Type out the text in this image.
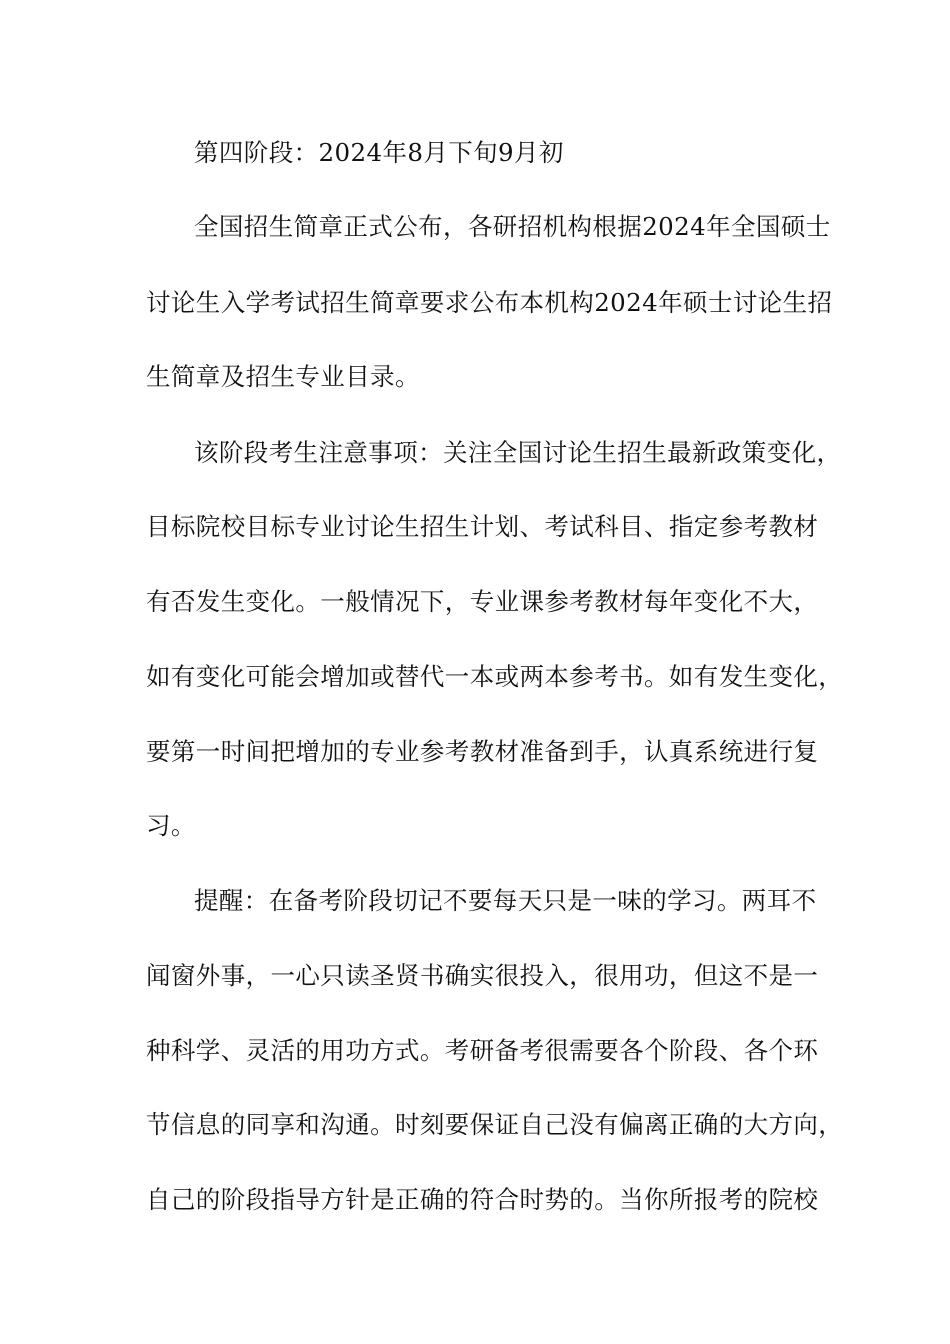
第四阶段：2024年8月下旬9月初
全国招生简章正式公布，各研招机构根据2024年全国硕士
讨论生入学考试招生简章要求公布本机构2024年硕士讨论生招
生简章及招生专业目录。
该阶段考生注意事项：关注全国讨论生招生最新政策变化，
目标院校目标专业讨论生招生计划、考试科目、指定参考教材
有否发生变化。一般情况下，专业课参考教材每年变化不大，
如有变化可能会增加或替代一本或两本参考书。如有发生变化，
要第一时间把增加的专业参考教材准备到手，认真系统进行复
习。
提醒：在备考阶段切记不要每天只是一味的学习。两耳不
闻窗外事，一心只读圣贤书确实很投入，很用功，但这不是一
种科学、灵活的用功方式。考研备考很需要各个阶段、各个环
节信息的同享和沟通。时刻要保证自己没有偏离正确的大方向，
自己的阶段指导方针是正确的符合时势的。当你所报考的院校
